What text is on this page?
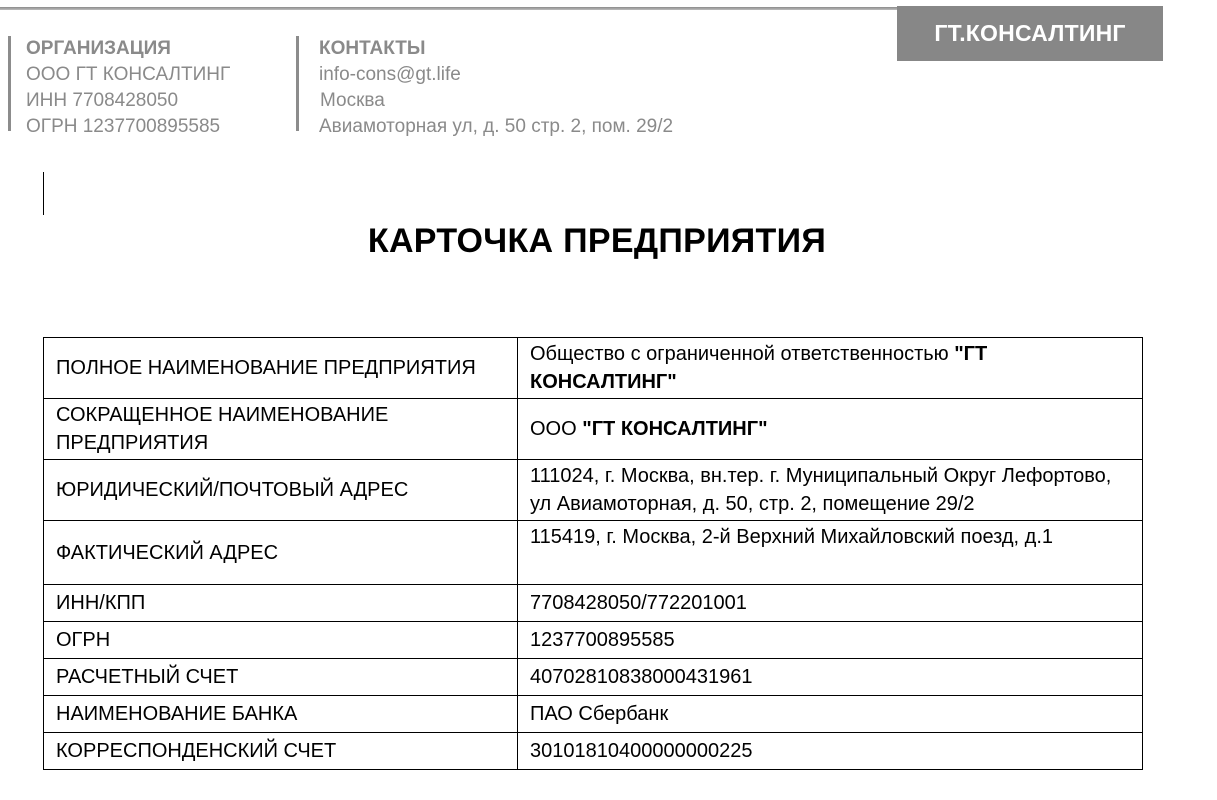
ГТ.КОНСАЛТИНГ
ОРГАНИЗАЦИЯ
ООО ГТ КОНСАЛТИНГ
ИНН 7708428050
ОГРН 1237700895585
КОНТАКТЫ
info-cons@gt.life
Москва
Авиамоторная ул, д. 50 стр. 2, пом. 29/2
КАРТОЧКА ПРЕДПРИЯТИЯ
ПОЛНОЕ НАИМЕНОВАНИЕ ПРЕДПРИЯТИЯ	Общество с ограниченной ответственностью "ГТ КОНСАЛТИНГ"
СОКРАЩЕННОЕ НАИМЕНОВАНИЕ ПРЕДПРИЯТИЯ	ООО "ГТ КОНСАЛТИНГ"
ЮРИДИЧЕСКИЙ/ПОЧТОВЫЙ АДРЕС	111024, г. Москва, вн.тер. г. Муниципальный Округ Лефортово, ул Авиамоторная, д. 50, стр. 2, помещение 29/2
ФАКТИЧЕСКИЙ АДРЕС	115419, г. Москва, 2-й Верхний Михайловский поезд, д.1
ИНН/КПП	7708428050/772201001
ОГРН	1237700895585
РАСЧЕТНЫЙ СЧЕТ	40702810838000431961
НАИМЕНОВАНИЕ БАНКА	ПАО Сбербанк
КОРРЕСПОНДЕНСКИЙ СЧЕТ	30101810400000000225
